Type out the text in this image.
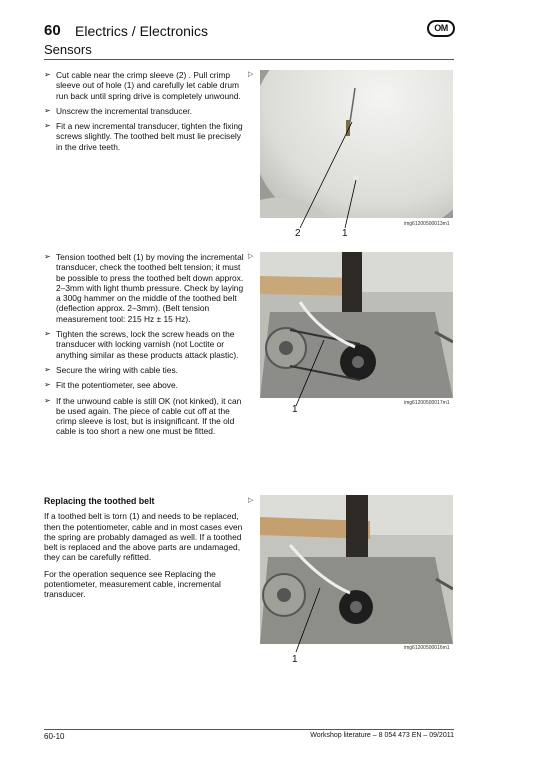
60 Electrics / Electronics	OM
Sensors
➢ Cut cable near the crimp sleeve (2) . Pull crimp sleeve out of hole (1) and carefully let cable drum run back until spring drive is completely unwound.
➢ Unscrew the incremental transducer.
➢ Fit a new incremental transducer, tighten the fixing screws slightly. The toothed belt must lie precisely in the drive teeth.
▷
2	1
img61200500013m1
➢ Tension toothed belt (1) by moving the incremental transducer, check the toothed belt tension; it must be possible to press the toothed belt down approx. 2–3mm with light thumb pressure. Check by laying a 300g hammer on the middle of the toothed belt (deflection approx. 2–3mm). (Belt tension measurement tool: 215 Hz ± 15 Hz).
➢ Tighten the screws, lock the screw heads on the transducer with locking varnish (not Loctite or anything similar as these products attack plastic).
➢ Secure the wiring with cable ties.
➢ Fit the potentiometer, see above.
➢ If the unwound cable is still OK (not kinked), it can be used again. The piece of cable cut off at the crimp sleeve is lost, but is insignificant. If the old cable is too short a new one must be fitted.
▷
1
img61200500017m1
Replacing the toothed belt

If a toothed belt is torn (1) and needs to be replaced, then the potentiometer, cable and in most cases even the spring are probably damaged as well. If a toothed belt is replaced and the above parts are undamaged, they can be carefully refitted.

For the operation sequence see Replacing the potentiometer, measurement cable, incremental transducer.

▷
1
img61200500016m1
60-10	Workshop literature – 8 054 473 EN – 09/2011
